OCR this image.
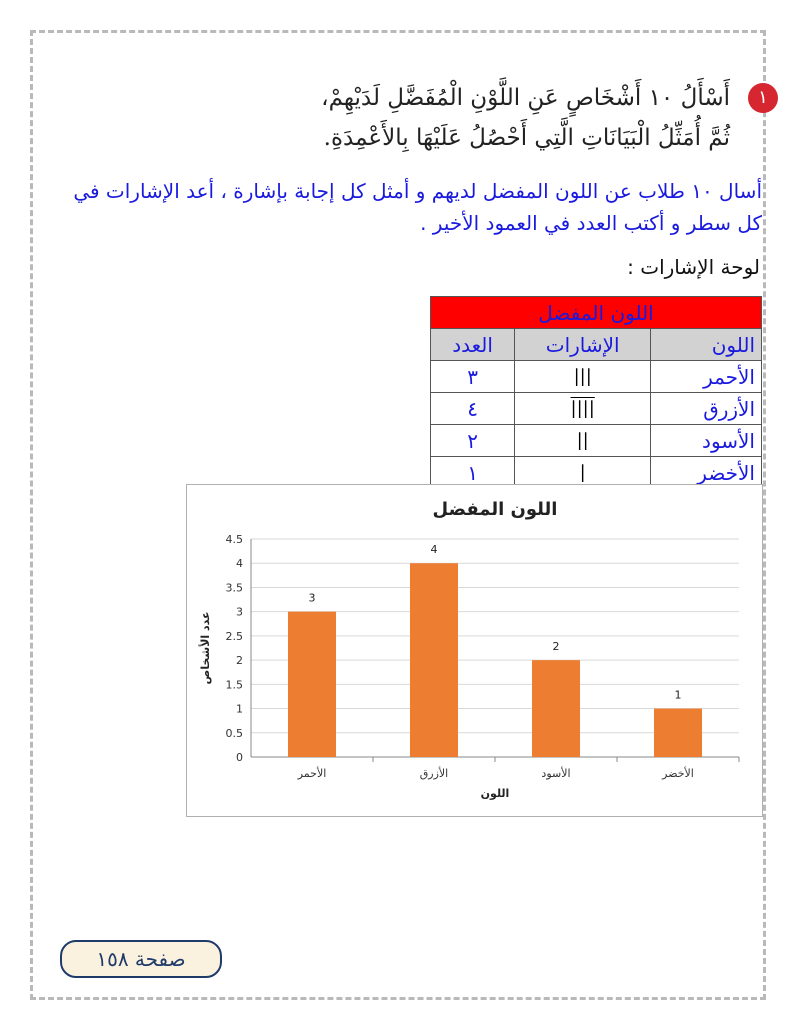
١
أَسْأَلُ ١٠ أَشْخَاصٍ عَنِ اللَّوْنِ الْمُفَضَّلِ لَدَيْهِمْ،
ثُمَّ أُمَثِّلُ الْبَيَانَاتِ الَّتِي أَحْصُلُ عَلَيْهَا بِالأَعْمِدَةِ.
أسال ١٠ طلاب عن اللون المفضل لديهم و أمثل كل إجابة بإشارة ، أعد الإشارات في
كل سطر و أكتب العدد في العمود الأخير .
لوحة الإشارات :
اللون المفضل		
اللون	الإشارات	العدد
الأحمر	|||	٣
الأزرق	||||	٤
الأسود	||	٢
الأخضر	|	١
اللون المفضل
0
0.5
1
1.5
2
2.5
3
3.5
4
4.5
3
الأحمر
4
الأزرق
2
الأسود
1
الأخضر
اللون
عدد الأشخاص
صفحة ١٥٨
